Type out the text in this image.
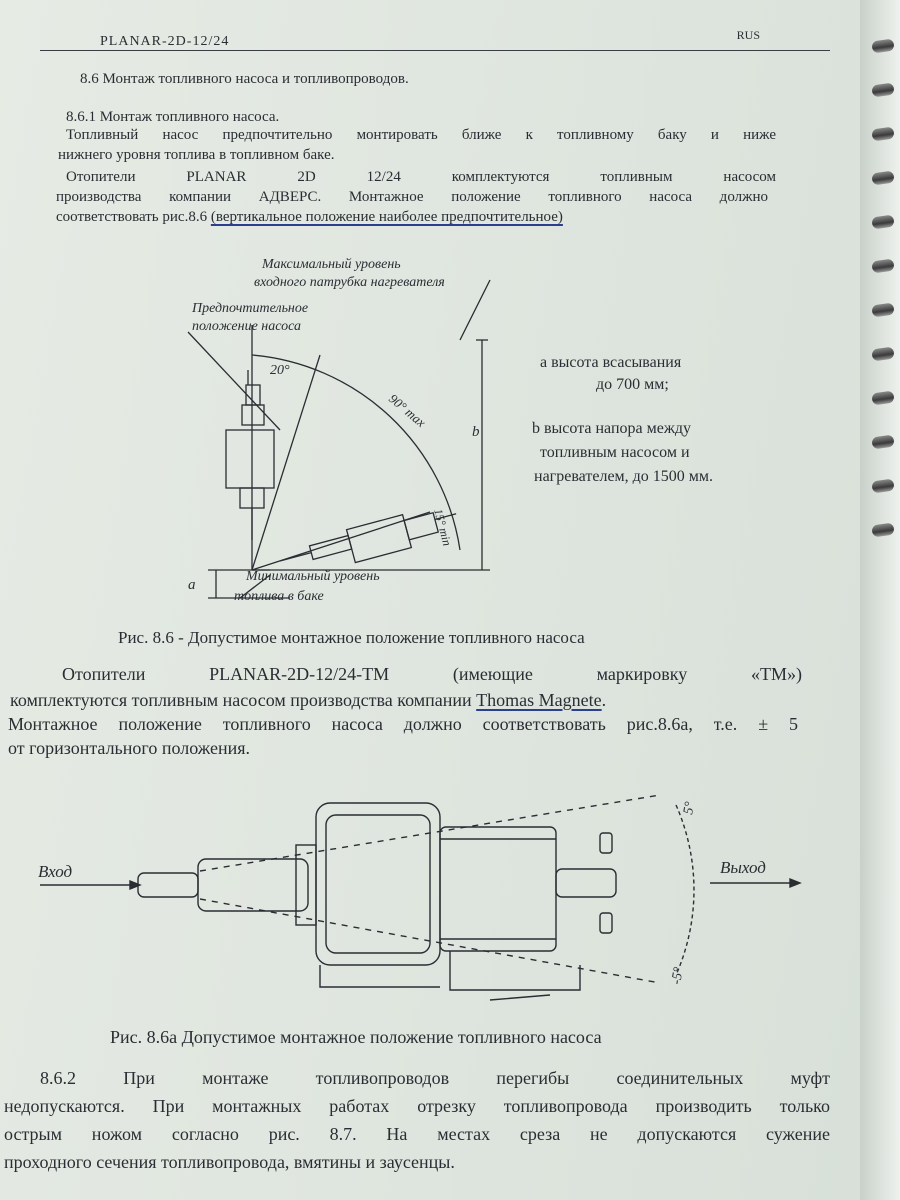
PLANAR-2D-12/24	RUS
8.6 Монтаж топливного насоса и топливопроводов.
8.6.1 Монтаж топливного насоса.
Топливный насос предпочтительно монтировать ближе к топливному баку и ниже
нижнего уровня топлива в топливном баке.
Отопители PLANAR 2D 12/24 комплектуются топливным насосом
производства компании АДВЕРС. Монтажное положение топливного насоса должно
соответствовать рис.8.6 (вертикальное положение наиболее предпочтительное)
Максимальный уровень
входного патрубка нагревателя
Предпочтительное
положение насоса
20°
90° max
15° min
b
a
Минимальный уровень
топлива в баке
a высота всасывания
до 700 мм;
b высота напора между
топливным насосом и
нагревателем, до 1500 мм.
Рис. 8.6 - Допустимое монтажное положение топливного насоса
Отопители PLANAR-2D-12/24-TM (имеющие маркировку «TM»)
комплектуются топливным насосом производства компании Thomas Magnete.
Монтажное положение топливного насоса должно соответствовать рис.8.6а, т.е. ± 5
от горизонтального положения.
Вход	Выход
5°
-5°
Рис. 8.6а Допустимое монтажное положение топливного насоса
8.6.2 При монтаже топливопроводов перегибы соединительных муфт
недопускаются. При монтажных работах отрезку топливопровода производить только
острым ножом согласно рис. 8.7. На местах среза не допускаются сужение
проходного сечения топливопровода, вмятины и заусенцы.
